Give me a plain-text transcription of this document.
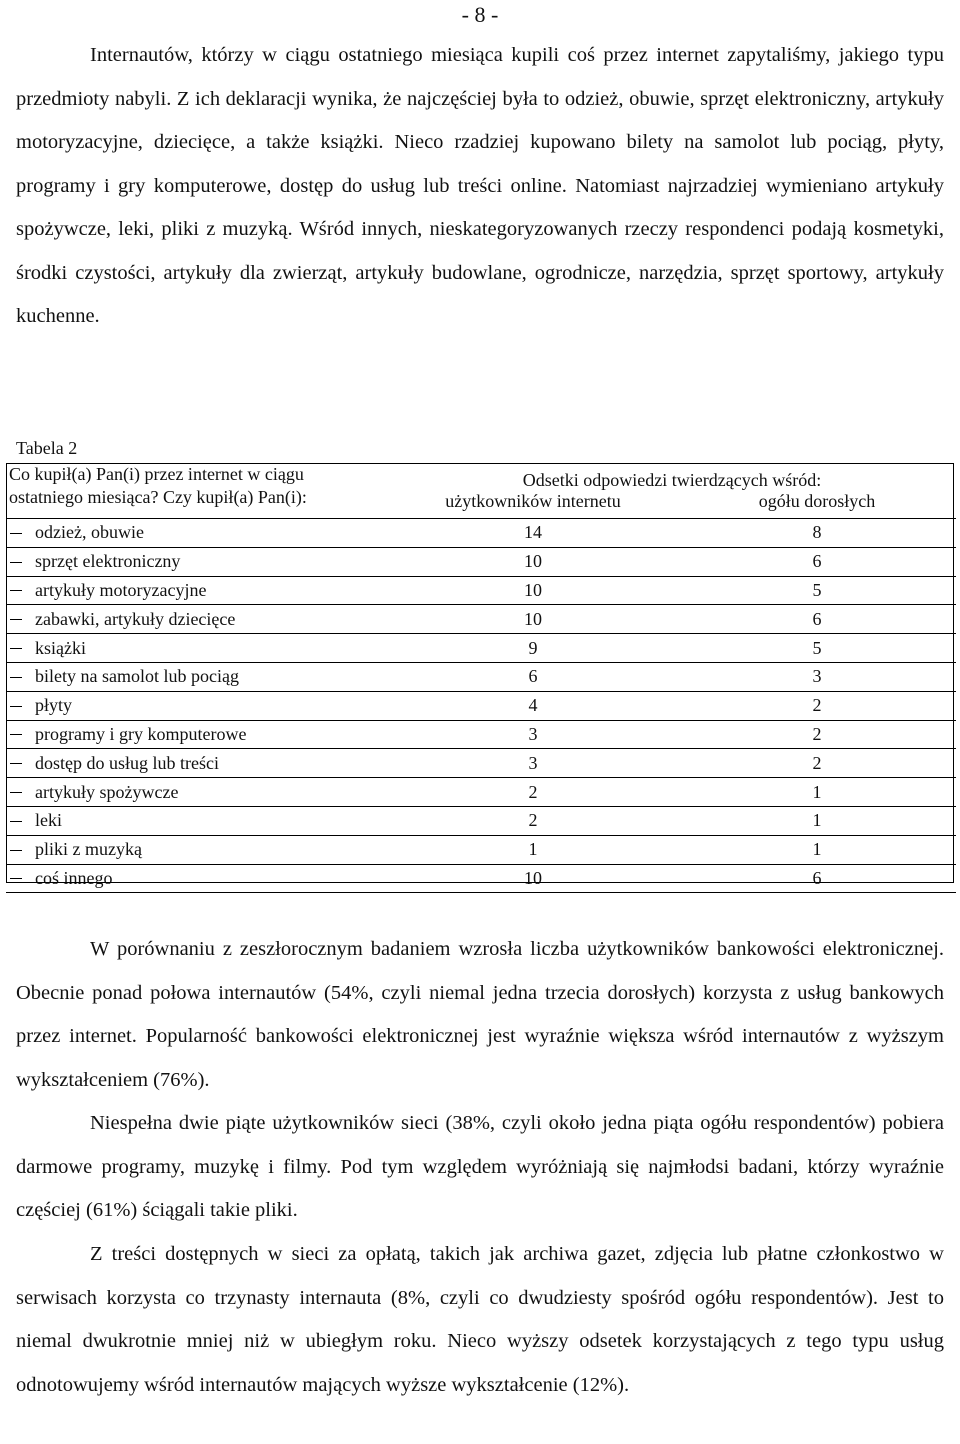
- 8 -

Internautów, którzy w ciągu ostatniego miesiąca kupili coś przez internet zapytaliśmy, jakiego typu przedmioty nabyli. Z ich deklaracji wynika, że najczęściej była to odzież, obuwie, sprzęt elektroniczny, artykuły motoryzacyjne, dziecięce, a także książki. Nieco rzadziej kupowano bilety na samolot lub pociąg, płyty, programy i gry komputerowe, dostęp do usług lub treści online. Natomiast najrzadziej wymieniano artykuły spożywcze, leki, pliki z muzyką. Wśród innych, nieskategoryzowanych rzeczy respondenci podają kosmetyki, środki czystości, artykuły dla zwierząt, artykuły budowlane, ogrodnicze, narzędzia, sprzęt sportowy, artykuły kuchenne.

Tabela 2
Co kupił(a) Pan(i) przez internet w ciągu
ostatniego miesiąca? Czy kupił(a) Pan(i):	Odsetki odpowiedzi twierdzących wśród:	
	użytkowników internetu	ogółu dorosłych

odzież, obuwie	14	8
sprzęt elektroniczny	10	6
artykuły motoryzacyjne	10	5
zabawki, artykuły dziecięce	10	6
książki	9	5
bilety na samolot lub pociąg	6	3
płyty	4	2
programy i gry komputerowe	3	2
dostęp do usług lub treści	3	2
artykuły spożywcze	2	1
leki	2	1
pliki z muzyką	1	1
coś innego	10	6

W porównaniu z zeszłorocznym badaniem wzrosła liczba użytkowników bankowości elektronicznej. Obecnie ponad połowa internautów (54%, czyli niemal jedna trzecia dorosłych) korzysta z usług bankowych przez internet. Popularność bankowości elektronicznej jest wyraźnie większa wśród internautów z wyższym wykształceniem (76%).

Niespełna dwie piąte użytkowników sieci (38%, czyli około jedna piąta ogółu respondentów) pobiera darmowe programy, muzykę i filmy. Pod tym względem wyróżniają się najmłodsi badani, którzy wyraźnie częściej (61%) ściągali takie pliki.

Z treści dostępnych w sieci za opłatą, takich jak archiwa gazet, zdjęcia lub płatne członkostwo w serwisach korzysta co trzynasty internauta (8%, czyli co dwudziesty spośród ogółu respondentów). Jest to niemal dwukrotnie mniej niż w ubiegłym roku. Nieco wyższy odsetek korzystających z tego typu usług odnotowujemy wśród internautów mających wyższe wykształcenie (12%).
